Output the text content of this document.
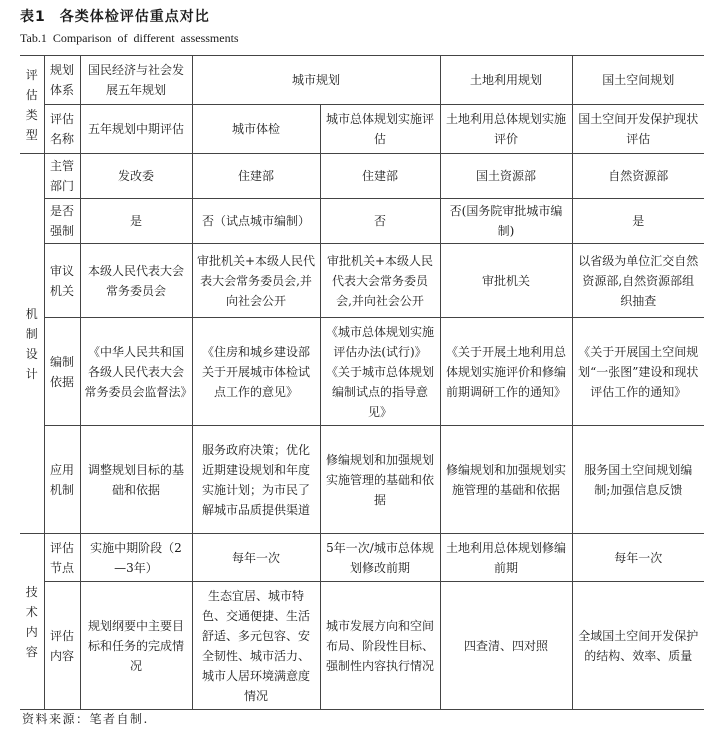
表1 各类体检评估重点对比
Tab.1 Comparison of different assessments
评估类型	规划体系	国民经济与社会发展五年规划	城市规划		土地利用规划	国土空间规划
	评估名称	五年规划中期评估	城市体检	城市总体规划实施评估	土地利用总体规划实施评价	国土空间开发保护现状评估
机制设计	主管部门	发改委	住建部	住建部	国土资源部	自然资源部
	是否强制	是	否（试点城市编制）	否	否(国务院审批城市编制)	是
	审议机关	本级人民代表大会常务委员会	审批机关+本级人民代表大会常务委员会,并向社会公开	审批机关+本级人民代表大会常务委员会,并向社会公开	审批机关	以省级为单位汇交自然资源部,自然资源部组织抽查
	编制依据	《中华人民共和国各级人民代表大会常务委员会监督法》	《住房和城乡建设部关于开展城市体检试点工作的意见》	《城市总体规划实施评估办法(试行)》《关于城市总体规划编制试点的指导意见》	《关于开展土地利用总体规划实施评价和修编前期调研工作的通知》	《关于开展国土空间规划“一张图”建设和现状评估工作的通知》
	应用机制	调整规划目标的基础和依据	服务政府决策；优化近期建设规划和年度实施计划；为市民了解城市品质提供渠道	修编规划和加强规划实施管理的基础和依据	修编规划和加强规划实施管理的基础和依据	服务国土空间规划编制;加强信息反馈
技术内容	评估节点	实施中期阶段（2—3年）	每年一次	5年一次/城市总体规划修改前期	土地利用总体规划修编前期	每年一次
	评估内容	规划纲要中主要目标和任务的完成情况	生态宜居、城市特色、交通便捷、生活舒适、多元包容、安全韧性、城市活力、城市人居环境满意度情况	城市发展方向和空间布局、阶段性目标、强制性内容执行情况	四查清、四对照	全域国土空间开发保护的结构、效率、质量
资料来源：笔者自制.
